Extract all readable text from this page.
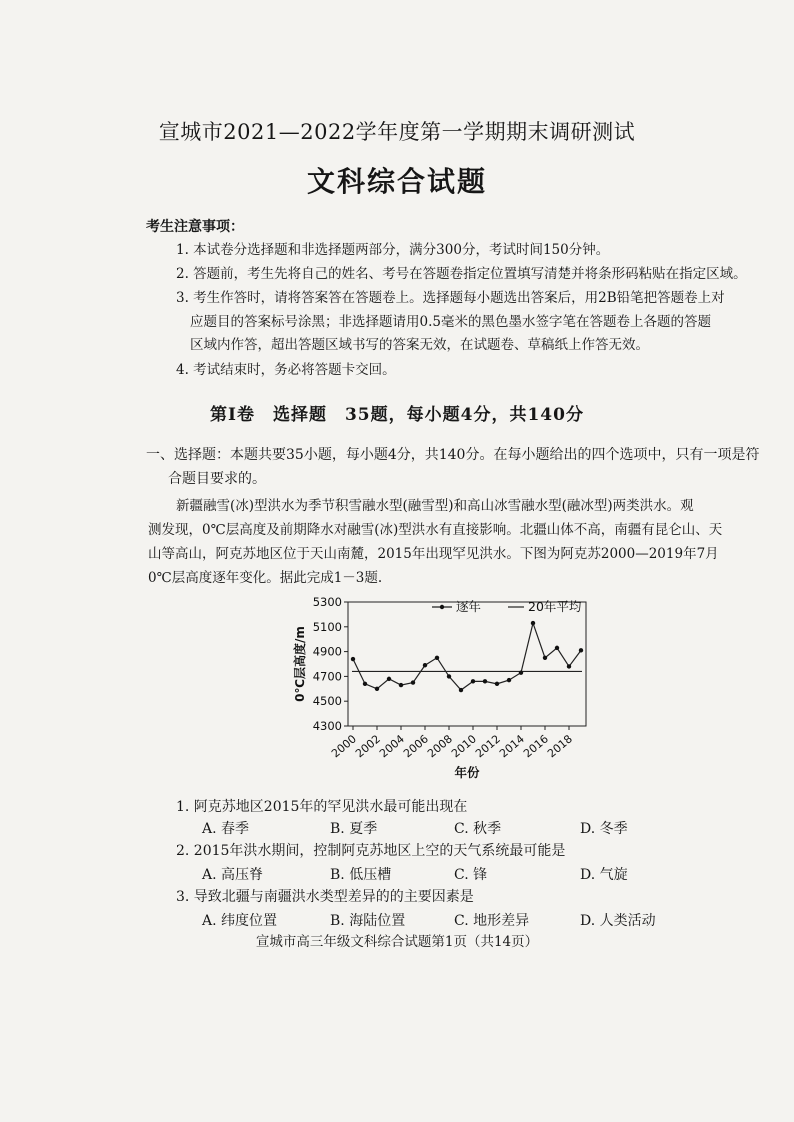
宣城市2021—2022学年度第一学期期末调研测试
文科综合试题
考生注意事项：
1. 本试卷分选择题和非选择题两部分，满分300分，考试时间150分钟。
2. 答题前，考生先将自己的姓名、考号在答题卷指定位置填写清楚并将条形码粘贴在指定区域。
3. 考生作答时，请将答案答在答题卷上。选择题每小题选出答案后，用2B铅笔把答题卷上对
应题目的答案标号涂黑；非选择题请用0.5毫米的黑色墨水签字笔在答题卷上各题的答题
区域内作答，超出答题区域书写的答案无效，在试题卷、草稿纸上作答无效。
4. 考试结束时，务必将答题卡交回。
第Ⅰ卷　选择题　35题，每小题4分，共140分
一、选择题：本题共要35小题，每小题4分，共140分。在每小题给出的四个选项中，只有一项是符
合题目要求的。
新疆融雪(冰)型洪水为季节积雪融水型(融雪型)和高山冰雪融水型(融冰型)两类洪水。观
测发现，0℃层高度及前期降水对融雪(冰)型洪水有直接影响。北疆山体不高，南疆有昆仑山、天
山等高山，阿克苏地区位于天山南麓，2015年出现罕见洪水。下图为阿克苏2000—2019年7月
0℃层高度逐年变化。据此完成1－3题.
4300
4500
4700
4900
5100
5300
2000
2002
2004
2006
2008
2010
2012
2014
2016
2018
0℃层高度/m
年份
逐年	20年平均
1. 阿克苏地区2015年的罕见洪水最可能出现在
A. 春季	B. 夏季	C. 秋季	D. 冬季
2. 2015年洪水期间，控制阿克苏地区上空的天气系统最可能是
A. 高压脊	B. 低压槽	C. 锋	D. 气旋
3. 导致北疆与南疆洪水类型差异的的主要因素是
A. 纬度位置	B. 海陆位置	C. 地形差异	D. 人类活动
宣城市高三年级文科综合试题第1页（共14页）
